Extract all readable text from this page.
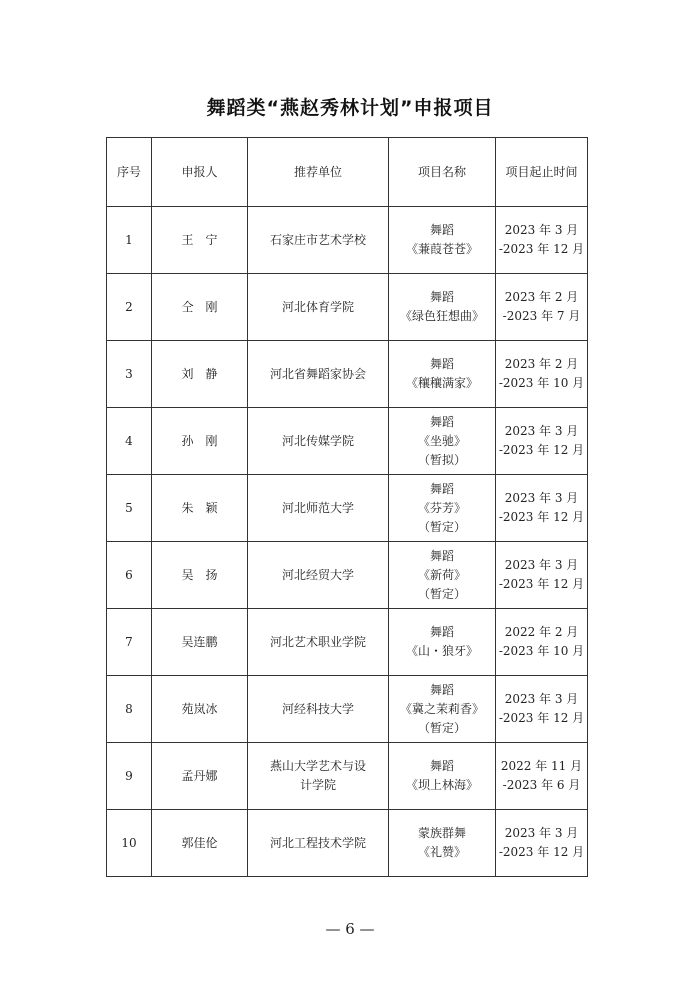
舞蹈类“燕赵秀林计划”申报项目
序号	申报人	推荐单位	项目名称	项目起止时间
1	王　宁	石家庄市艺术学校	舞蹈
《蒹葭苍苍》	2023 年 3 月
-2023 年 12 月

2	仝　刚	河北体育学院	舞蹈
《绿色狂想曲》	2023 年 2 月
-2023 年 7 月

3	刘　静	河北省舞蹈家协会	舞蹈
《穰穰满家》	2023 年 2 月
-2023 年 10 月

4	孙　刚	河北传媒学院	舞蹈
《坐驰》
（暂拟）	2023 年 3 月
-2023 年 12 月

5	朱　颖	河北师范大学	舞蹈
《芬芳》
（暂定）	2023 年 3 月
-2023 年 12 月

6	吴　扬	河北经贸大学	舞蹈
《新荷》
（暂定）	2023 年 3 月
-2023 年 12 月

7	吴连鹏	河北艺术职业学院	舞蹈
《山・狼牙》	2022 年 2 月
-2023 年 10 月

8	苑岚冰	河经科技大学	舞蹈
《冀之茉莉香》
（暂定）	2023 年 3 月
-2023 年 12 月

9	孟丹娜	燕山大学艺术与设
计学院	舞蹈
《坝上林海》	2022 年 11 月
-2023 年 6 月

10	郭佳伦	河北工程技术学院	蒙族群舞
《礼赞》	2023 年 3 月
-2023 年 12 月
— 6 —
